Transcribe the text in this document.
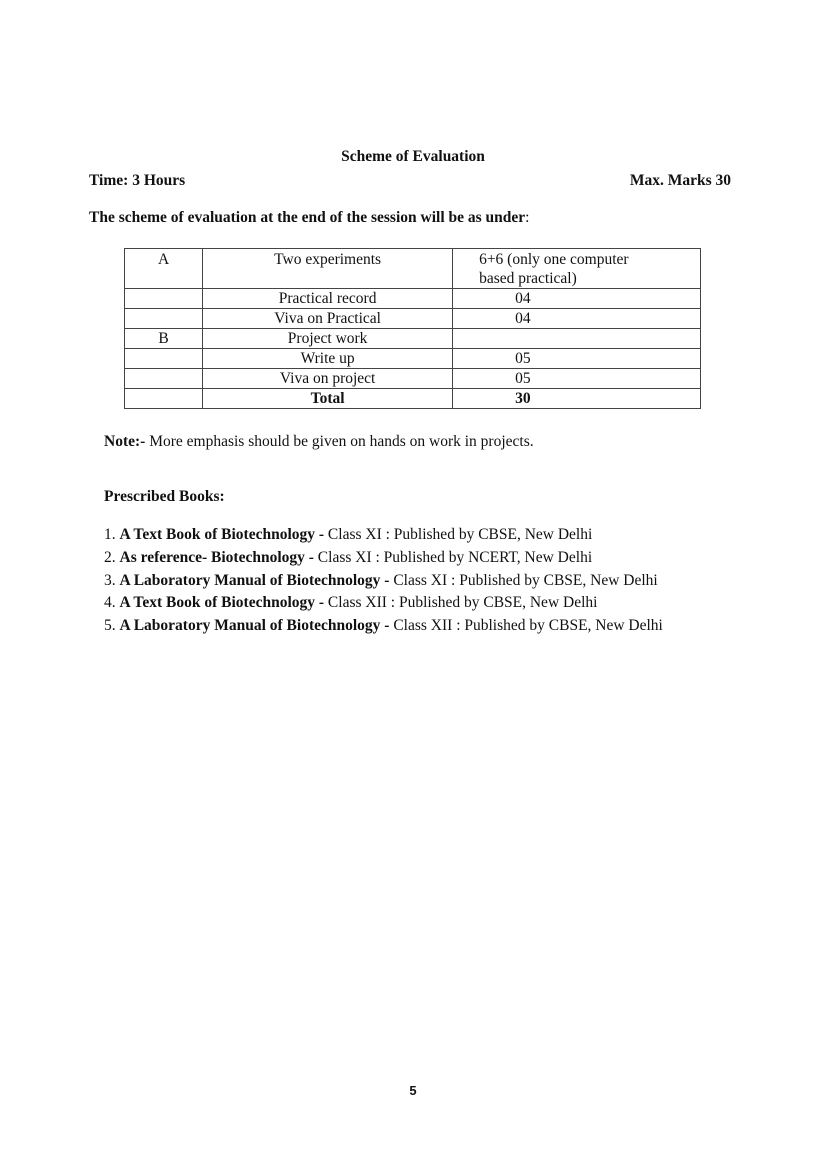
Scheme of Evaluation
Time: 3 Hours	Max. Marks 30
The scheme of evaluation at the end of the session will be as under:
A	Two experiments	6+6 (only one computer
based practical)

	Practical record	04
	Viva on Practical	04
B	Project work	
	Write up	05
	Viva on project	05
	Total	30
Note:- More emphasis should be given on hands on work in projects.
Prescribed Books:
1. A Text Book of Biotechnology - Class XI : Published by CBSE, New Delhi
2. As reference- Biotechnology - Class XI : Published by NCERT, New Delhi
3. A Laboratory Manual of Biotechnology - Class XI : Published by CBSE, New Delhi
4. A Text Book of Biotechnology - Class XII : Published by CBSE, New Delhi
5. A Laboratory Manual of Biotechnology - Class XII : Published by CBSE, New Delhi
5
